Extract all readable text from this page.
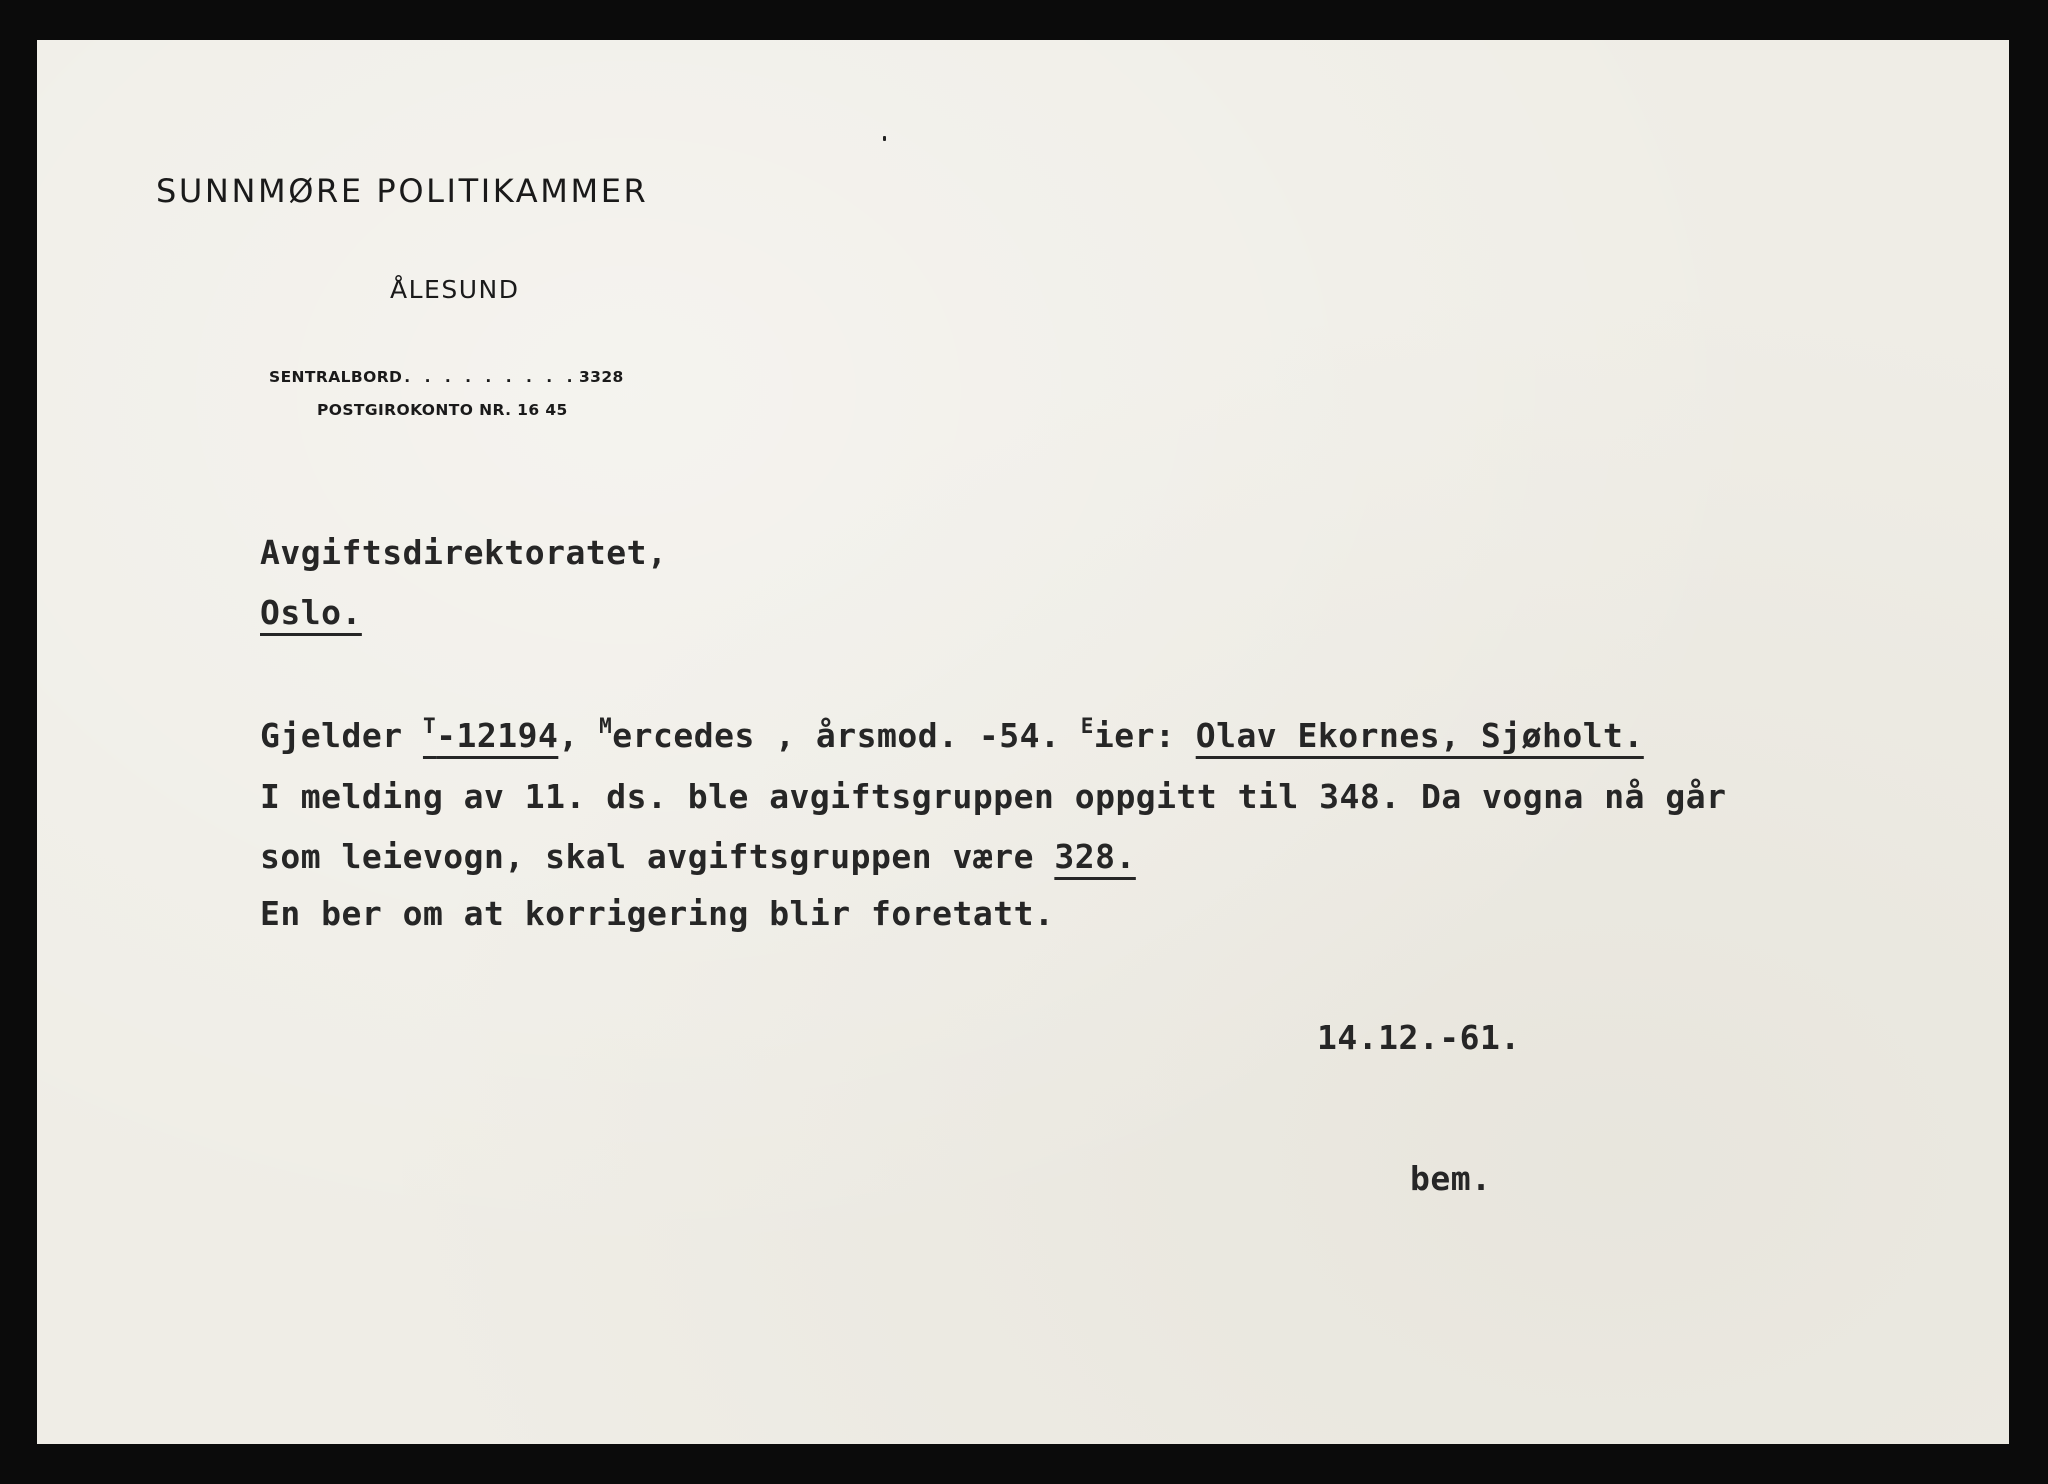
SUNNMØRE POLITIKAMMER
ÅLESUND
SENTRALBORD . . . . . . . . . 3328
POSTGIROKONTO NR. 16 45
Avgiftsdirektoratet,
Oslo.
Gjelder $^T$-12194, $^M$ercedes , årsmod. -54. $^E$ier: Olav Ekornes, Sjøholt.
I melding av 11. ds. ble avgiftsgruppen oppgitt til 348. Da vogna nå går
som leievogn, skal avgiftsgruppen være 328.
En ber om at korrigering blir foretatt.
14.12.-61.
bem.
